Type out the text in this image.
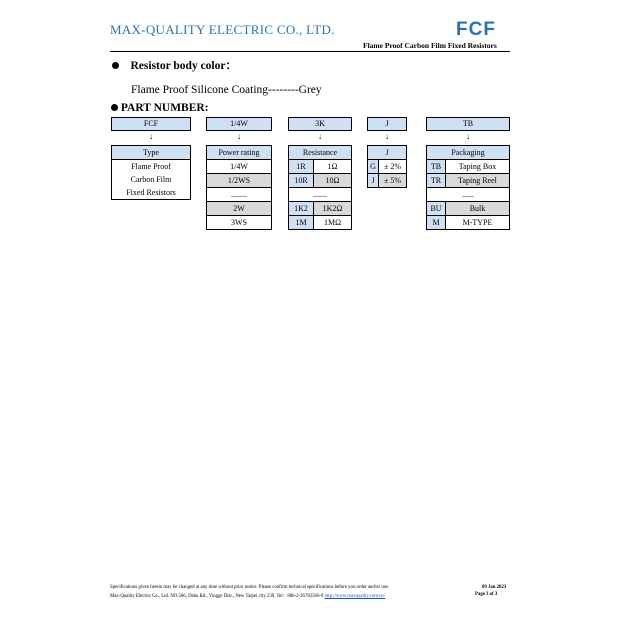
MAX-QUALITY ELECTRIC CO., LTD.	FCF
Flame Proof Carbon Film Fixed Resistors
Resistor body color：
Flame Proof Silicone Coating--------Grey
PART NUMBER:
FCF	1/4W	3K	J	TB
↓	↓	↓	↓	↓
Type
Flame Proof
Carbon Film
Fixed Resistors
Power rating
1/4W
1/2WS
........
2W
3WS
Resistance	
1R	1Ω
10R	10Ω
.......	
1K2	1K2Ω
1M	1MΩ
J	
G	± 2%
J	± 5%
Packaging	
TB	Taping Box
TR	Taping Reel
......	
BU	Bulk
M	M-TYPE
Specifications given herein may be changed at any time without prior notice. Please confirm technical specifications before you order and/or use.
Max-Quality Electric Co., Ltd. NO.566, Dahu Rd., Yingge Dist., New Taipei city 239, Tel：886-2-26782566-9 http://www.maxquality.com.tw/
09 Jan 2023
Page 3 of 3
